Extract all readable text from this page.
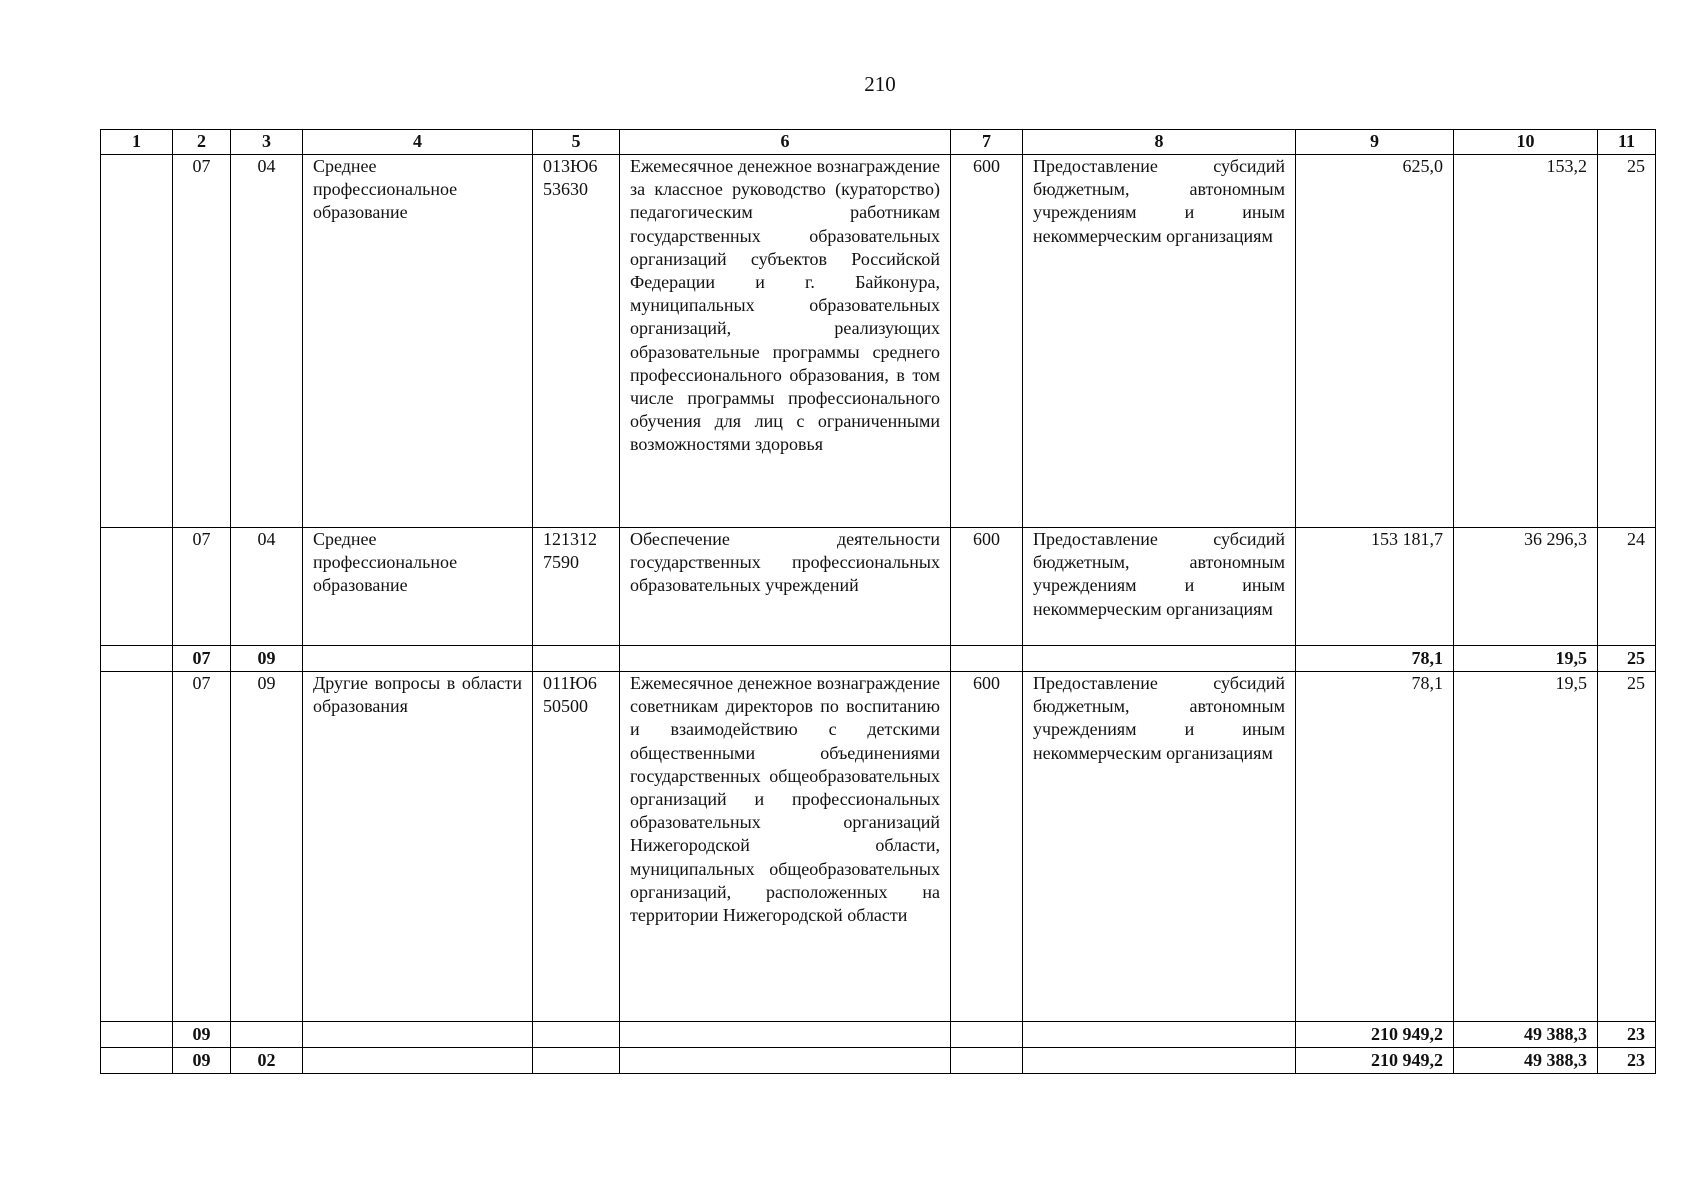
210
1	2	3	4	5	6	7	8	9	10	11
	07	04	Среднее профессиональное образование	013Ю6 53630	Ежемесячное денежное вознаграждение за классное руководство (кураторство) педагогическим работникам государственных образовательных организаций субъектов Российской Федерации и г. Байконура, муниципальных образовательных организаций, реализующих образовательные программы среднего профессионального образования, в том числе программы профессионального обучения для лиц с ограниченными возможностями здоровья	600	Предоставление субсидий бюджетным, автономным учреждениям и иным некоммерческим организациям	625,0	153,2	25
	07	04	Среднее профессиональное образование	121312 7590	Обеспечение деятельности государственных профессиональных образовательных учреждений	600	Предоставление субсидий бюджетным, автономным учреждениям и иным некоммерческим организациям	153 181,7	36 296,3	24
	07	09						78,1	19,5	25
	07	09	Другие вопросы в области образования	011Ю6 50500	Ежемесячное денежное вознаграждение советникам директоров по воспитанию и взаимодействию с детскими общественными объединениями государственных общеобразовательных организаций и профессиональных образовательных организаций Нижегородской области, муниципальных общеобразовательных организаций, расположенных на территории Нижегородской области	600	Предоставление субсидий бюджетным, автономным учреждениям и иным некоммерческим организациям	78,1	19,5	25
	09							210 949,2	49 388,3	23
	09	02						210 949,2	49 388,3	23
